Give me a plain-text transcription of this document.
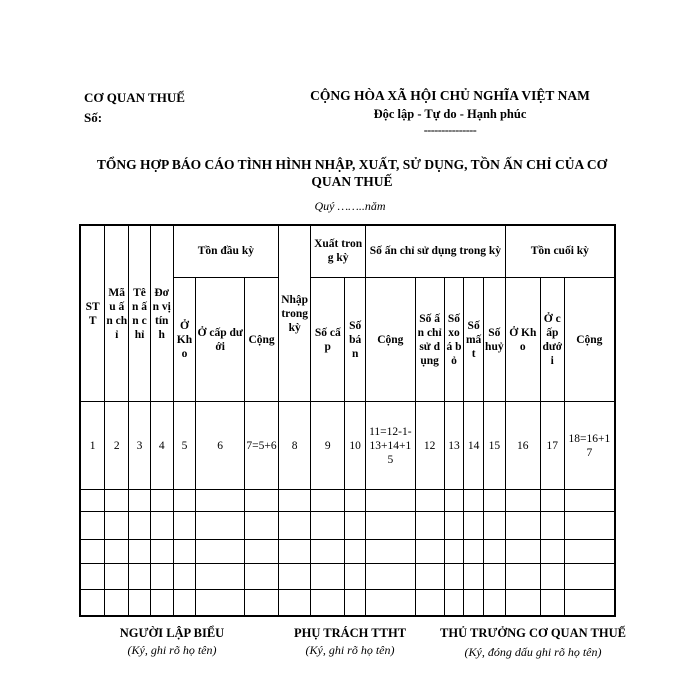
CƠ QUAN THUẾ
Số:
CỘNG HÒA XÃ HỘI CHỦ NGHĨA VIỆT NAM
Độc lập - Tự do - Hạnh phúc
---------------
TỔNG HỢP BÁO CÁO TÌNH HÌNH NHẬP, XUẤT, SỬ DỤNG, TỒN ẤN CHỈ CỦA CƠ QUAN THUẾ
Quý ……..năm
STT	Mã u ấn chỉ	Tên ấn chỉ	Đơn vị tính	Tồn đầu kỳ			Nhập trong kỳ	Xuất trong kỳ		Số ấn chỉ sử dụng trong kỳ					Tồn cuối kỳ		
				Ở Kho	Ở cấp dưới	Cộng		Số cấp	Số bán	Cộng	Số ấn chỉ sử dụng	Số xoá bỏ	Số mất	Số huỷ	Ở Kho	Ở cấp dưới	Cộng
1	2	3	4	5	6	7=5+6	8	9	10	11=12-1-13+14+15	12	13	14	15	16	17	18=16+17

NGƯỜI LẬP BIỂU
(Ký, ghi rõ họ tên)
PHỤ TRÁCH TTHT
(Ký, ghi rõ họ tên)
THỦ TRƯỞNG CƠ QUAN THUẾ
(Ký, đóng dấu ghi rõ họ tên)
